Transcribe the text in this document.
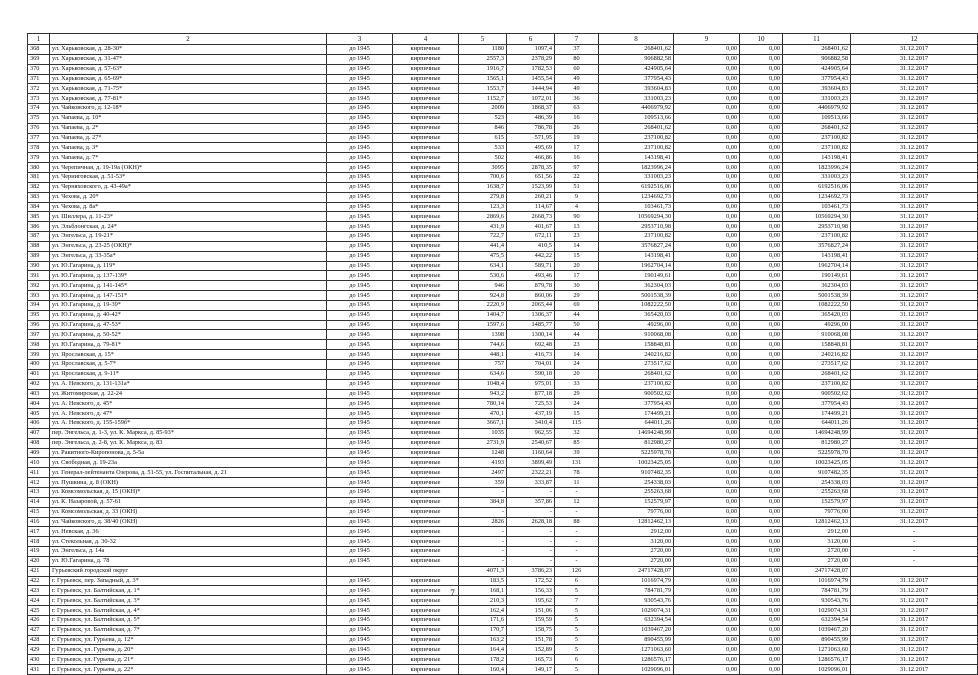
1	2	3	4	5	6	7	8	9	10	11	12
368	ул. Харьковская, д. 28-30*	до 1945	кирпичные	1180	1097,4	37	268401,62	0,00	0,00	268401,62	31.12.2017
369	ул. Харьковская, д. 31-47*	до 1945	кирпичные	2557,3	2378,29	80	906882,58	0,00	0,00	906882,58	31.12.2017
370	ул. Харьковская, д. 57-63*	до 1945	кирпичные	1916,7	1782,53	60	424905,64	0,00	0,00	424905,64	31.12.2017
371	ул. Харьковская, д. 65-69*	до 1945	кирпичные	1565,1	1455,54	49	377954,43	0,00	0,00	377954,43	31.12.2017
372	ул. Харьковская, д. 71-75*	до 1945	кирпичные	1553,7	1444,94	49	393604,83	0,00	0,00	393604,83	31.12.2017
373	ул. Харьковская, д. 77-81*	до 1945	кирпичные	1152,7	1072,01	36	331003,23	0,00	0,00	331003,23	31.12.2017
374	ул. Чайковского, д. 12-18*	до 1945	кирпичные	2009	1868,37	63	4406979,92	0,00	0,00	4406979,92	31.12.2017
375	ул. Чапаева, д. 10*	до 1945	кирпичные	523	486,39	16	109513,66	0,00	0,00	109513,66	31.12.2017
376	ул. Чапаева, д. 2*	до 1945	кирпичные	846	786,78	26	268401,62	0,00	0,00	268401,62	31.12.2017
377	ул. Чапаева, д. 27*	до 1945	кирпичные	615	571,95	19	237100,82	0,00	0,00	237100,82	31.12.2017
378	ул. Чапаева, д. 3*	до 1945	кирпичные	533	495,69	17	237100,82	0,00	0,00	237100,82	31.12.2017
379	ул. Чапаева, д. 7*	до 1945	кирпичные	502	466,86	16	143198,41	0,00	0,00	143198,41	31.12.2017
380	ул. Черепичная, д. 19-19а (ОКН)*	до 1945	кирпичные	3095	2878,35	97	1823996,24	0,00	0,00	1823996,24	31.12.2017
381	ул. Черниговская, д. 51-53*	до 1945	кирпичные	700,6	651,56	22	331003,23	0,00	0,00	331003,23	31.12.2017
382	ул. Черняховского, д. 43-49а*	до 1945	кирпичные	1638,7	1523,99	51	6192516,06	0,00	0,00	6192516,06	31.12.2017
383	ул. Чехова, д. 20*	до 1945	кирпичные	279,8	260,21	9	1234692,73	0,00	0,00	1234692,73	31.12.2017
384	ул. Чехова, д. 8а*	до 1945	кирпичные	123,3	114,67	4	103461,73	0,00	0,00	103461,73	31.12.2017
385	ул. Шиллера, д. 11-23*	до 1945	кирпичные	2869,6	2668,73	90	10569294,30	0,00	0,00	10569294,30	31.12.2017
386	ул. Эльблонгская, д. 24*	до 1945	кирпичные	431,9	401,67	13	2953710,98	0,00	0,00	2953710,98	31.12.2017
387	ул. Энгельса, д. 19-21*	до 1945	кирпичные	722,7	672,11	23	237100,82	0,00	0,00	237100,82	31.12.2017
388	ул. Энгельса, д. 23-25 (ОКН)*	до 1945	кирпичные	441,4	410,5	14	3576827,24	0,00	0,00	3576827,24	31.12.2017
389	ул. Энгельса, д. 33-35а*	до 1945	кирпичные	475,5	442,22	15	143198,41	0,00	0,00	143198,41	31.12.2017
390	ул. Ю.Гагарина, д. 119*	до 1945	кирпичные	634,1	589,71	20	1962704,14	0,00	0,00	1962704,14	31.12.2017
391	ул. Ю.Гагарина, д. 137-139*	до 1945	кирпичные	530,6	493,46	17	190149,61	0,00	0,00	190149,61	31.12.2017
392	ул. Ю.Гагарина, д. 141-145*	до 1945	кирпичные	946	879,78	30	362304,03	0,00	0,00	362304,03	31.12.2017
393	ул. Ю.Гагарина, д. 147-151*	до 1945	кирпичные	924,8	860,06	29	5001538,39	0,00	0,00	5001538,39	31.12.2017
394	ул. Ю.Гагарина, д. 19-39*	до 1945	кирпичные	2220,9	2065,44	69	1082222,50	0,00	0,00	1082222,50	31.12.2017
395	ул. Ю.Гагарина, д. 40-42*	до 1945	кирпичные	1404,7	1306,37	44	365420,03	0,00	0,00	365420,03	31.12.2017
396	ул. Ю.Гагарина, д. 47-53*	до 1945	кирпичные	1597,6	1485,77	50	49296,00	0,00	0,00	49296,00	31.12.2017
397	ул. Ю.Гагарина, д. 50-52*	до 1945	кирпичные	1398	1300,14	44	910068,08	0,00	0,00	910068,08	31.12.2017
398	ул. Ю.Гагарина, д. 79-81*	до 1945	кирпичные	744,6	692,48	23	158848,81	0,00	0,00	158848,81	31.12.2017
399	ул. Ярославская, д. 15*	до 1945	кирпичные	448,1	416,73	14	240216,82	0,00	0,00	240216,82	31.12.2017
400	ул. Ярославская, д. 5-7*	до 1945	кирпичные	757	704,01	24	273517,62	0,00	0,00	273517,62	31.12.2017
401	ул. Ярославская, д. 9-11*	до 1945	кирпичные	634,6	590,18	20	268401,62	0,00	0,00	268401,62	31.12.2017
402	ул. А. Невского, д. 131-131а*	до 1945	кирпичные	1048,4	975,01	33	237100,82	0,00	0,00	237100,82	31.12.2017
403	ул. Житомирская, д. 22-24	до 1945	кирпичные	943,2	877,18	29	900502,62	0,00	0,00	900502,62	31.12.2017
404	ул. А. Невского, д. 45*	до 1945	кирпичные	780,14	725,53	24	377954,43	0,00	0,00	377954,43	31.12.2017
405	ул. А. Невского, д. 47*	до 1945	кирпичные	470,1	437,19	15	174499,21	0,00	0,00	174499,21	31.12.2017
406	ул. А. Невского, д. 155-159б*	до 1945	кирпичные	3667,1	3410,4	115	644011,26	0,00	0,00	644011,26	31.12.2017
407	пер. Энгельса, д. 1-3, ул. К. Маркса, д. 85-93*	до 1945	кирпичные	1035	962,55	32	14694248,99	0,00	0,00	14694248,99	31.12.2017
408	пер. Энгельса, д. 2-8, ул. К. Маркса, д. 83	до 1945	кирпичные	2731,9	2540,67	85	812980,27	0,00	0,00	812980,27	31.12.2017
409	ул. Ракитного-Киропонова, д. 5-5а	до 1945	кирпичные	1248	1160,64	39	5225978,70	0,00	0,00	5225978,70	31.12.2017
410	ул. Свободная, д. 19-23а	до 1945	кирпичные	4193	3899,49	131	10023425,05	0,00	0,00	10023425,05	31.12.2017
411	ул. Генерал-лейтенанта Озерова, д. 51-55, ул. Госпитальная, д. 21	до 1945	кирпичные	2497	2322,21	78	9107482,35	0,00	0,00	9107482,35	31.12.2017
412	ул. Пушкина, д. 8 (ОКН)	до 1945	кирпичные	359	333,87	11	254338,03	0,00	0,00	254338,03	31.12.2017
413	ул. Комсомольская, д. 15 (ОКН)*	до 1945	кирпичные	-	-	-	255263,68	0,00	0,00	255263,68	31.12.2017
414	ул. К. Назаровой, д. 57-61	до 1945	кирпичные	384,8	357,86	12	152579,97	0,00	0,00	152579,97	31.12.2017
415	ул. Комсомольская, д. 33 (ОКН)	до 1945	кирпичные	-	-	-	79776,00	0,00	0,00	79776,00	31.12.2017
416	ул. Чайковского, д. 38/40 (ОКН)	до 1945	кирпичные	2826	2628,18	88	12812462,13	0,00	0,00	12812462,13	31.12.2017
417	ул. Невская, д. 36	до 1945	кирпичные	-	-	-	2912,00	0,00	0,00	2912,00	-
418	ул. Стекольная, д. 30-32	до 1945	кирпичные	-	-	-	3120,00	0,00	0,00	3120,00	-
419	ул. Энгельса, д. 14а	до 1945	кирпичные	-	-	-	2720,00	0,00	0,00	2720,00	-
420	ул. Ю.Гагарина, д. 78	до 1945	кирпичные	-	-	-	2720,00	0,00	0,00	2720,00	-
421	Гурьевский городской округ			4071,3	3786,23	126	24717428,07	0,00	0,00	24717428,07	
422	г. Гурьевск, пер. Западный, д. 3*	до 1945	кирпичные	183,5	172,52	6	1016974,79	0,00	0,00	1016974,79	31.12.2017
423	г. Гурьевск, ул. Балтийская, д. 1*	до 1945	кирпичные	168,1	156,33	5	784781,79	0,00	0,00	784781,79	31.12.2017
424	г. Гурьевск, ул. Балтийская, д. 3*	до 1945	кирпичные	210,3	195,62	7	930543,76	0,00	0,00	930543,76	31.12.2017
425	г. Гурьевск, ул. Балтийская, д. 4*	до 1945	кирпичные	162,4	151,06	5	1029074,31	0,00	0,00	1029074,31	31.12.2017
426	г. Гурьевск, ул. Балтийская, д. 5*	до 1945	кирпичные	171,6	159,59	5	632394,54	0,00	0,00	632394,54	31.12.2017
427	г. Гурьевск, ул. Балтийская, д. 7*	до 1945	кирпичные	170,7	158,75	5	1039467,20	0,00	0,00	1039467,20	31.12.2017
428	г. Гурьевск, ул. Гурьева, д. 12*	до 1945	кирпичные	163,2	151,78	5	890455,99	0,00	0,00	890455,99	31.12.2017
429	г. Гурьевск, ул. Гурьева, д. 20*	до 1945	кирпичные	164,4	152,89	5	1271063,60	0,00	0,00	1271063,60	31.12.2017
430	г. Гурьевск, ул. Гурьева, д. 21*	до 1945	кирпичные	178,2	165,73	6	1286576,17	0,00	0,00	1286576,17	31.12.2017
431	г. Гурьевск, ул. Гурьева, д. 22*	до 1945	кирпичные	160,4	149,17	5	1029096,01	0,00	0,00	1029096,01	31.12.2017
7
